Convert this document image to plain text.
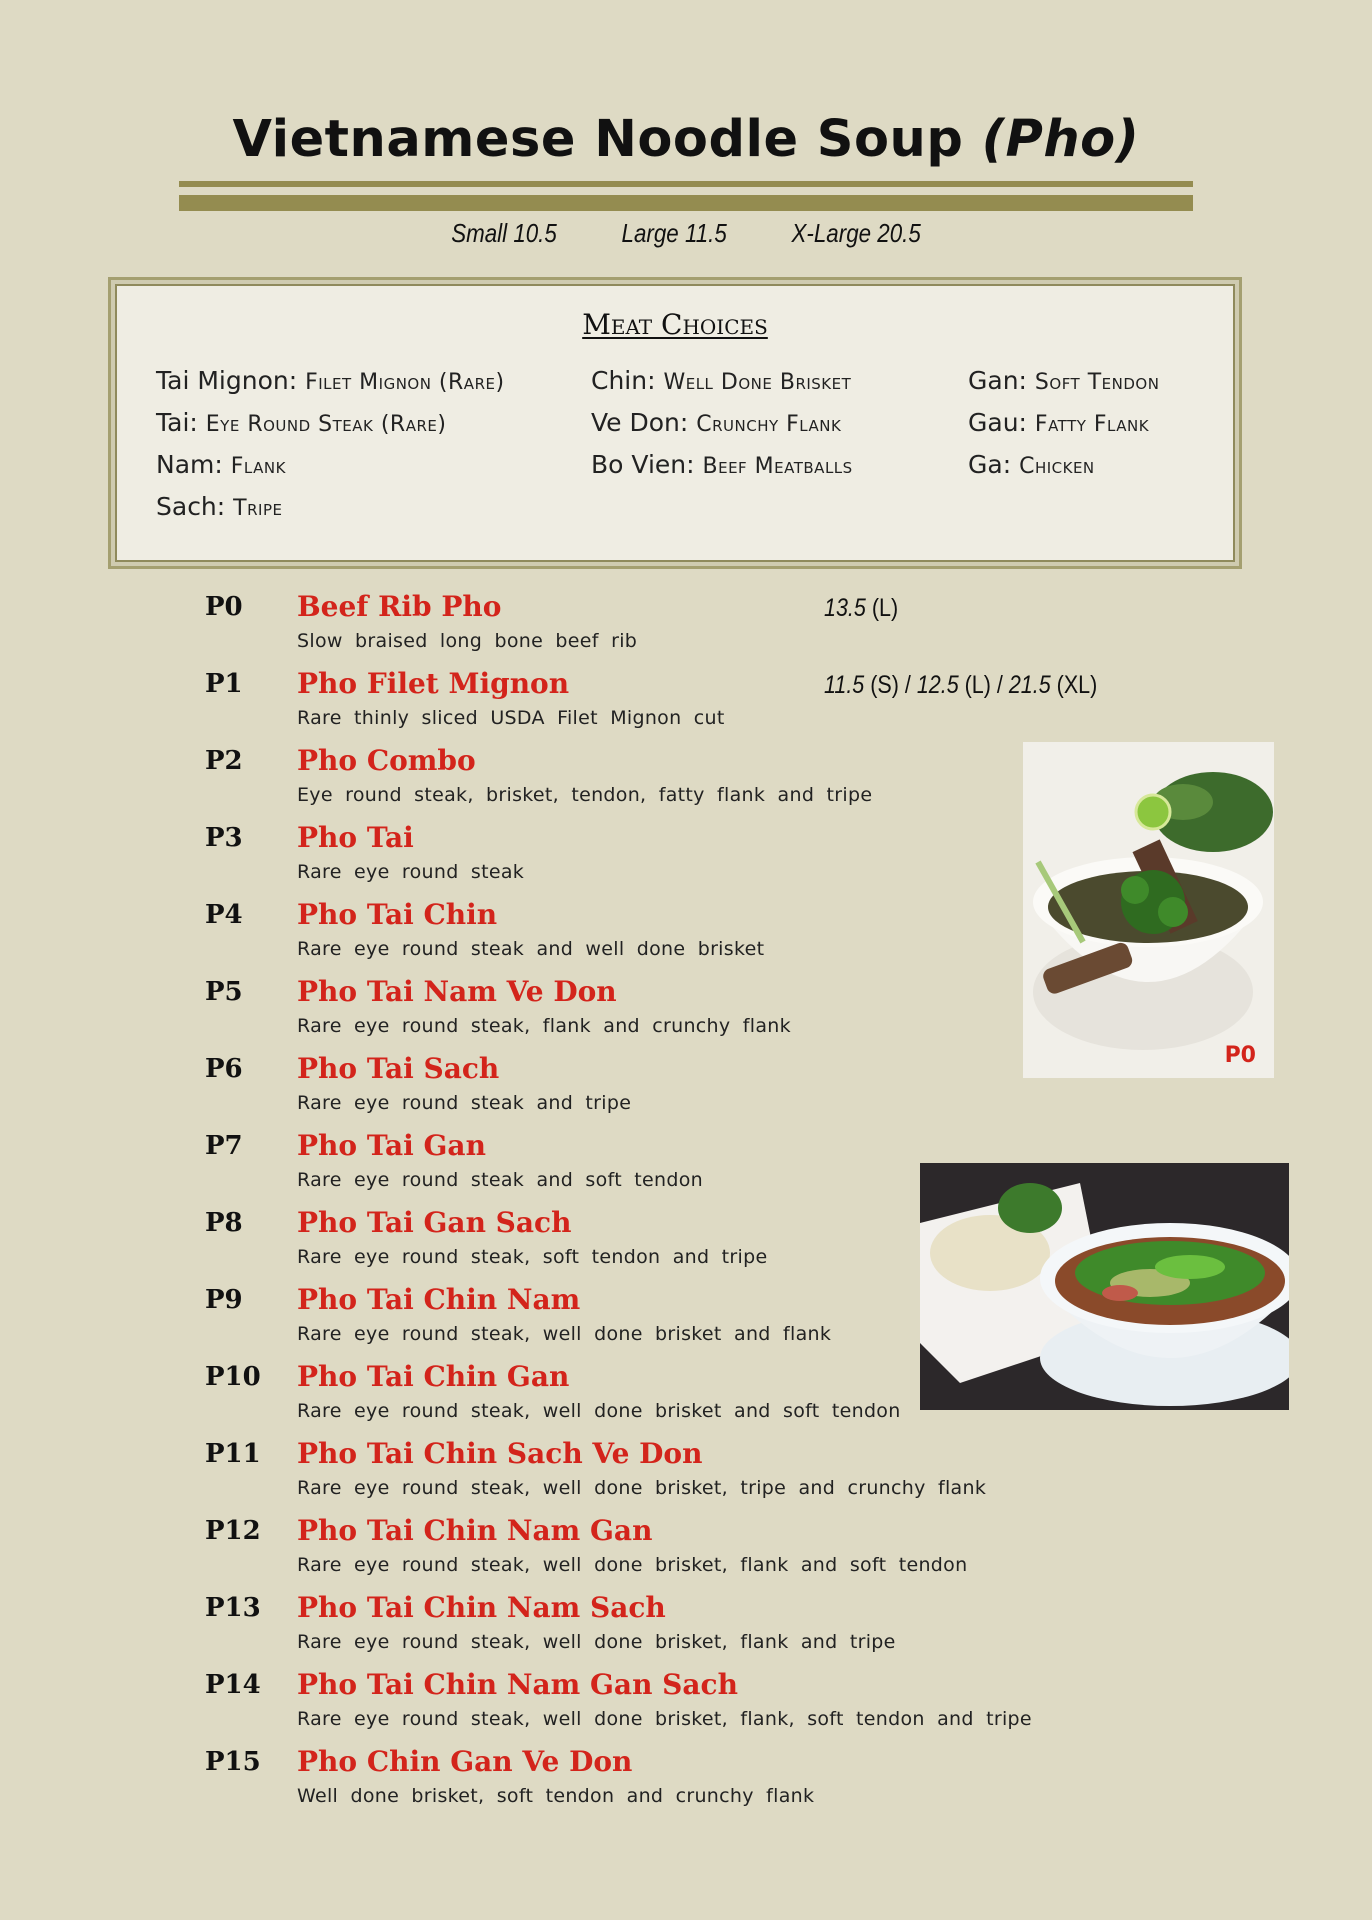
Vietnamese Noodle Soup (Pho)
Small 10.5 Large 11.5 X-Large 20.5
Meat Choices
Tai Mignon: Filet Mignon (Rare)
Tai: Eye Round Steak (Rare)
Nam: Flank
Sach: Tripe
Chin: Well Done Brisket
Ve Don: Crunchy Flank
Bo Vien: Beef Meatballs
Gan: Soft Tendon
Gau: Fatty Flank
Ga: Chicken
P0 Beef Rib Pho	13.5 (L)
Slow braised long bone beef rib
P1 Pho Filet Mignon	11.5 (S) / 12.5 (L) / 21.5 (XL)
Rare thinly sliced USDA Filet Mignon cut
P2 Pho Combo
Eye round steak, brisket, tendon, fatty flank and tripe
P3 Pho Tai
Rare eye round steak
P4 Pho Tai Chin
Rare eye round steak and well done brisket
P5 Pho Tai Nam Ve Don
Rare eye round steak, flank and crunchy flank
P6 Pho Tai Sach
Rare eye round steak and tripe
P7 Pho Tai Gan
Rare eye round steak and soft tendon
P8 Pho Tai Gan Sach
Rare eye round steak, soft tendon and tripe
P9 Pho Tai Chin Nam
Rare eye round steak, well done brisket and flank
P10 Pho Tai Chin Gan
Rare eye round steak, well done brisket and soft tendon
P11 Pho Tai Chin Sach Ve Don
Rare eye round steak, well done brisket, tripe and crunchy flank
P12 Pho Tai Chin Nam Gan
Rare eye round steak, well done brisket, flank and soft tendon
P13 Pho Tai Chin Nam Sach
Rare eye round steak, well done brisket, flank and tripe
P14 Pho Tai Chin Nam Gan Sach
Rare eye round steak, well done brisket, flank, soft tendon and tripe
P15 Pho Chin Gan Ve Don
Well done brisket, soft tendon and crunchy flank
P0
